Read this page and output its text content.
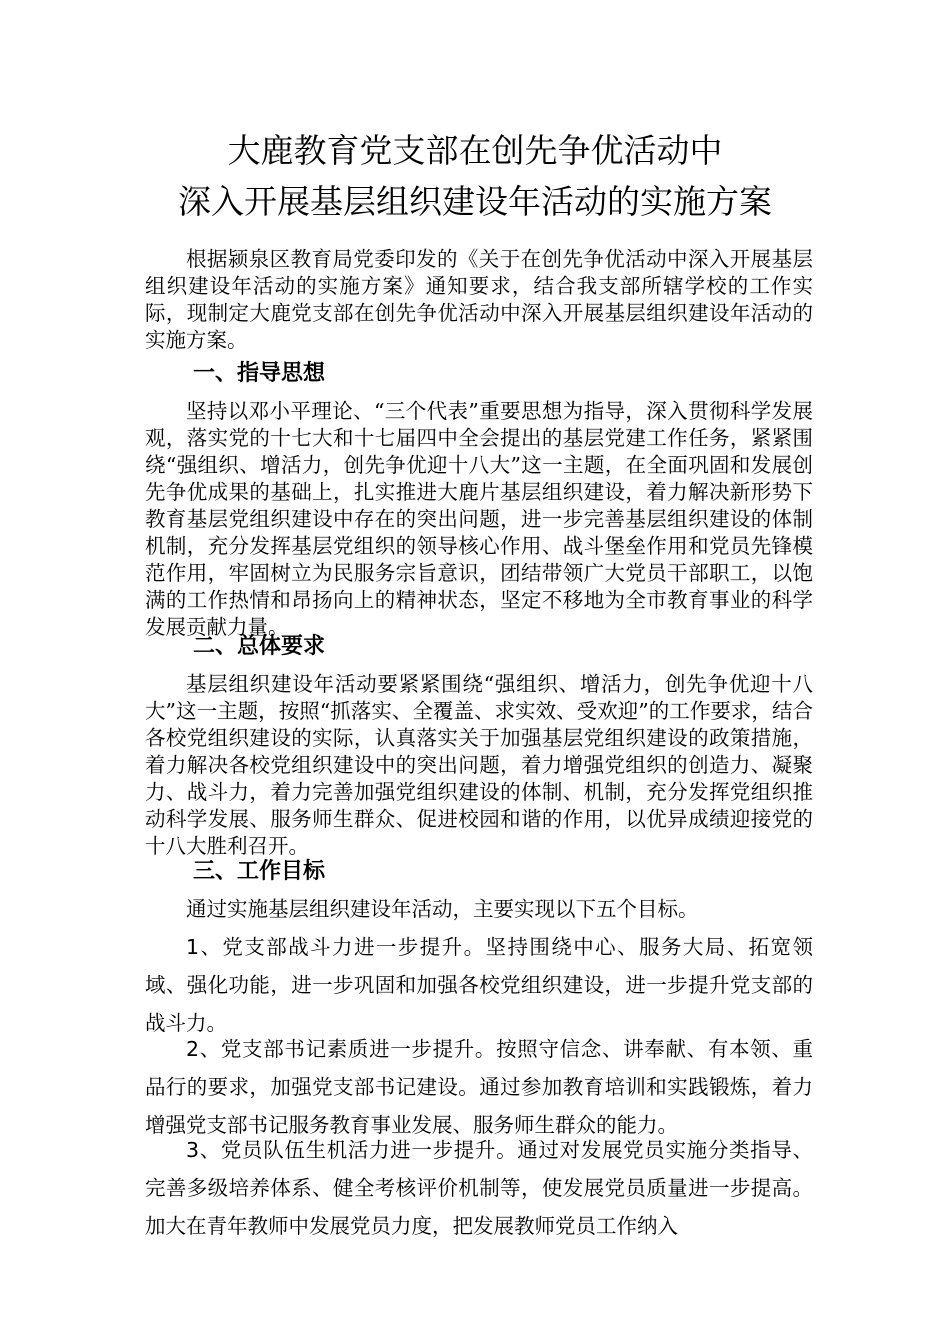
大鹿教育党支部在创先争优活动中
深入开展基层组织建设年活动的实施方案

根据颍泉区教育局党委印发的《关于在创先争优活动中深入开展基层组织建设年活动的实施方案》通知要求，结合我支部所辖学校的工作实际，现制定大鹿党支部在创先争优活动中深入开展基层组织建设年活动的实施方案。

一、指导思想

坚持以邓小平理论、“三个代表”重要思想为指导，深入贯彻科学发展观，落实党的十七大和十七届四中全会提出的基层党建工作任务，紧紧围绕“强组织、增活力，创先争优迎十八大”这一主题，在全面巩固和发展创先争优成果的基础上，扎实推进大鹿片基层组织建设，着力解决新形势下教育基层党组织建设中存在的突出问题，进一步完善基层组织建设的体制机制，充分发挥基层党组织的领导核心作用、战斗堡垒作用和党员先锋模范作用，牢固树立为民服务宗旨意识，团结带领广大党员干部职工，以饱满的工作热情和昂扬向上的精神状态，坚定不移地为全市教育事业的科学发展贡献力量。

二、总体要求

基层组织建设年活动要紧紧围绕“强组织、增活力，创先争优迎十八大”这一主题，按照“抓落实、全覆盖、求实效、受欢迎”的工作要求，结合各校党组织建设的实际，认真落实关于加强基层党组织建设的政策措施，着力解决各校党组织建设中的突出问题，着力增强党组织的创造力、凝聚力、战斗力，着力完善加强党组织建设的体制、机制，充分发挥党组织推动科学发展、服务师生群众、促进校园和谐的作用，以优异成绩迎接党的十八大胜利召开。

三、工作目标

通过实施基层组织建设年活动，主要实现以下五个目标。

1、党支部战斗力进一步提升。坚持围绕中心、服务大局、拓宽领域、强化功能，进一步巩固和加强各校党组织建设，进一步提升党支部的战斗力。

2、党支部书记素质进一步提升。按照守信念、讲奉献、有本领、重品行的要求，加强党支部书记建设。通过参加教育培训和实践锻炼，着力增强党支部书记服务教育事业发展、服务师生群众的能力。

3、党员队伍生机活力进一步提升。通过对发展党员实施分类指导、完善多级培养体系、健全考核评价机制等，使发展党员质量进一步提高。加大在青年教师中发展党员力度，把发展教师党员工作纳入
